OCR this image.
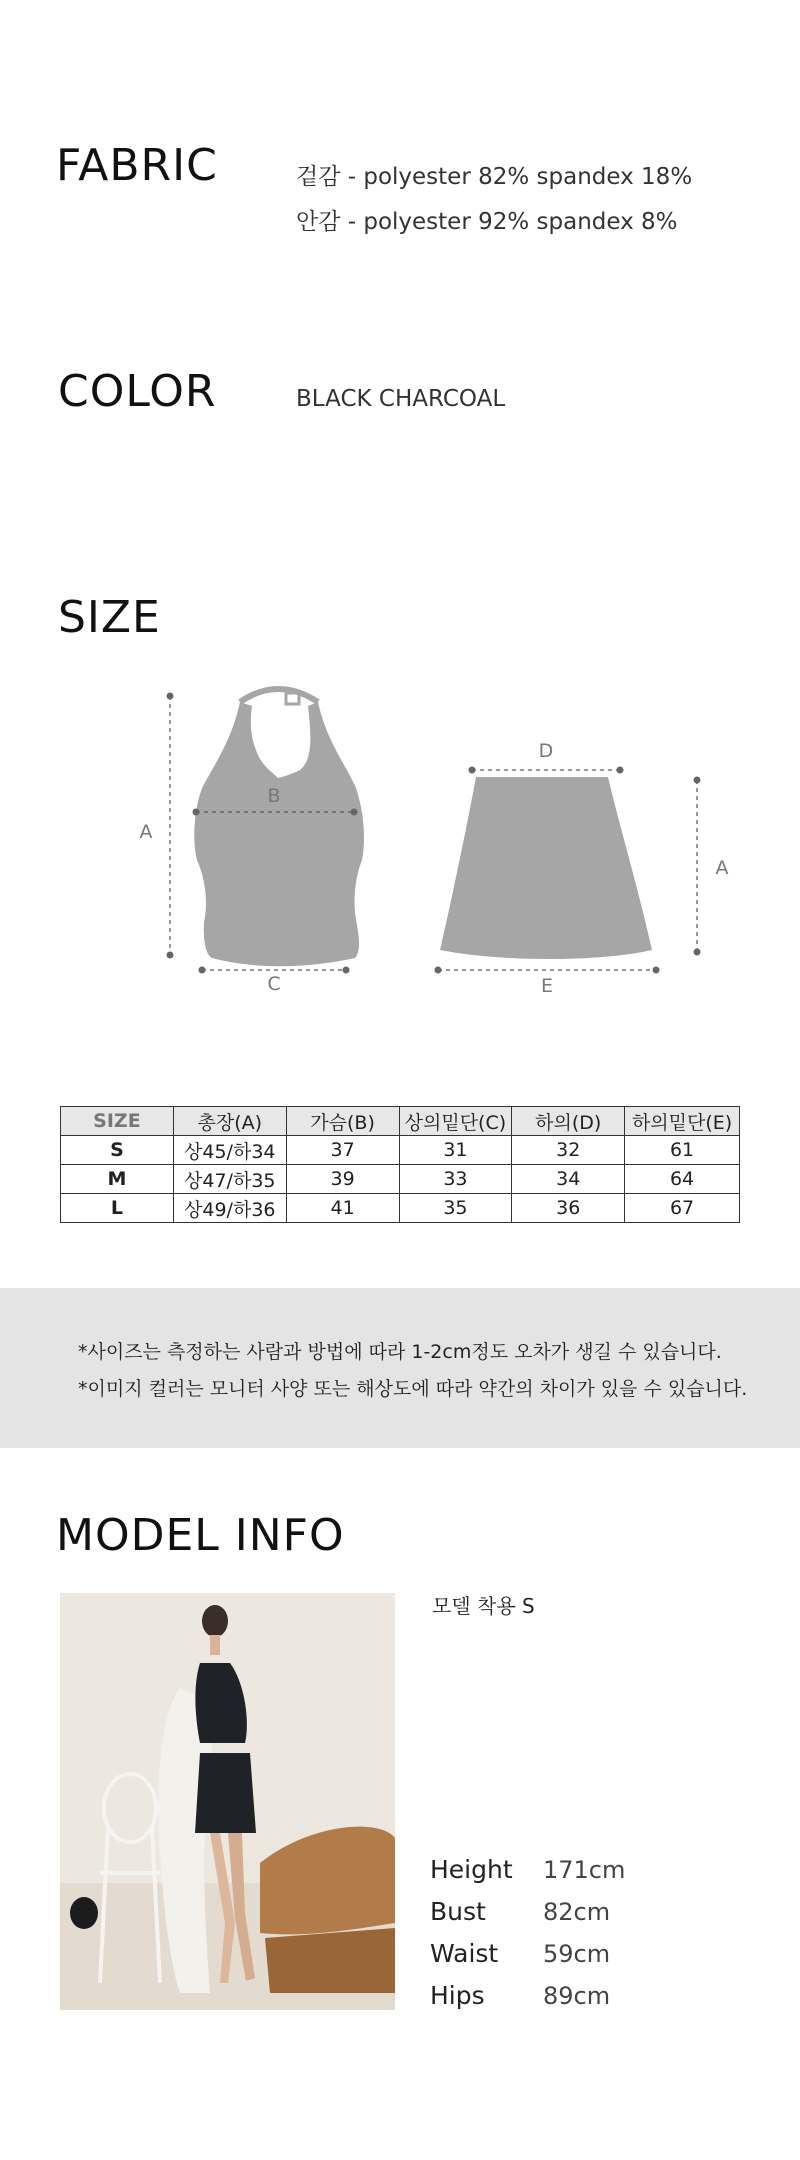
FABRIC	겉감 - polyester 82% spandex 18%
안감 - polyester 92% spandex 8%
COLOR	BLACK CHARCOAL
SIZE
A
B
C
D
A
E
SIZE	총장(A)	가슴(B)	상의밑단(C)	하의(D)	하의밑단(E)
S	상45/하34	37	31	32	61
M	상47/하35	39	33	34	64
L	상49/하36	41	35	36	67
*사이즈는 측정하는 사람과 방법에 따라 1-2cm정도 오차가 생길 수 있습니다.
*이미지 컬러는 모니터 사양 또는 해상도에 따라 약간의 차이가 있을 수 있습니다.
MODEL INFO
모델 착용 S
Height 171cm
Bust 82cm
Waist 59cm
Hips 89cm
